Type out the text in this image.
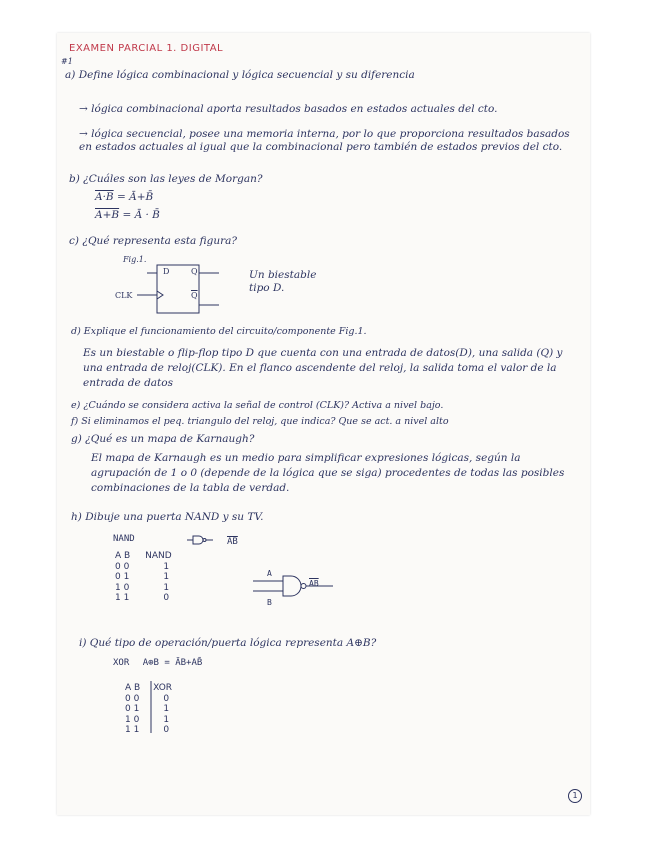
EXAMEN PARCIAL 1. DIGITAL
#1
a) Define lógica combinacional y lógica secuencial y su diferencia
→ lógica combinacional aporta resultados basados en estados actuales del cto.
→ lógica secuencial, posee una memoria interna, por lo que proporciona resultados basados en estados actuales al igual que la combinacional pero también de estados previos del cto.
b) ¿Cuáles son las leyes de Morgan?
A·B = Ā+B̄
A+B = Ā · B̄
c) ¿Qué representa esta figura?
Fig.1.
D	Q
$\overline{Q}$
CLK
Un biestable tipo D.
d) Explique el funcionamiento del circuito/componente Fig.1.
Es un biestable o flip-flop tipo D que cuenta con una entrada de datos(D), una salida (Q) y una entrada de reloj(CLK). En el flanco ascendente del reloj, la salida toma el valor de la entrada de datos
e) ¿Cuándo se considera activa la señal de control (CLK)? Activa a nivel bajo.
f) Si eliminamos el peq. triangulo del reloj, que indica? Que se act. a nivel alto
g) ¿Qué es un mapa de Karnaugh?
El mapa de Karnaugh es un medio para simplificar expresiones lógicas, según la agrupación de 1 o 0 (depende de la lógica que se siga) procedentes de todas las posibles combinaciones de la tabla de verdad.
h) Dibuje una puerta NAND y su TV.
NAND	$\overline{AB}$
A B NAND
0 0	1
0 1	1
1 0	1
1 1	0
A
B
$\overline{AB}$
i) Qué tipo de operación/puerta lógica representa A⊕B?
XOR A⊕B = ĀB+AB̄
A B XOR
0 0	0
0 1	1
1 0	1
1 1	0
1
